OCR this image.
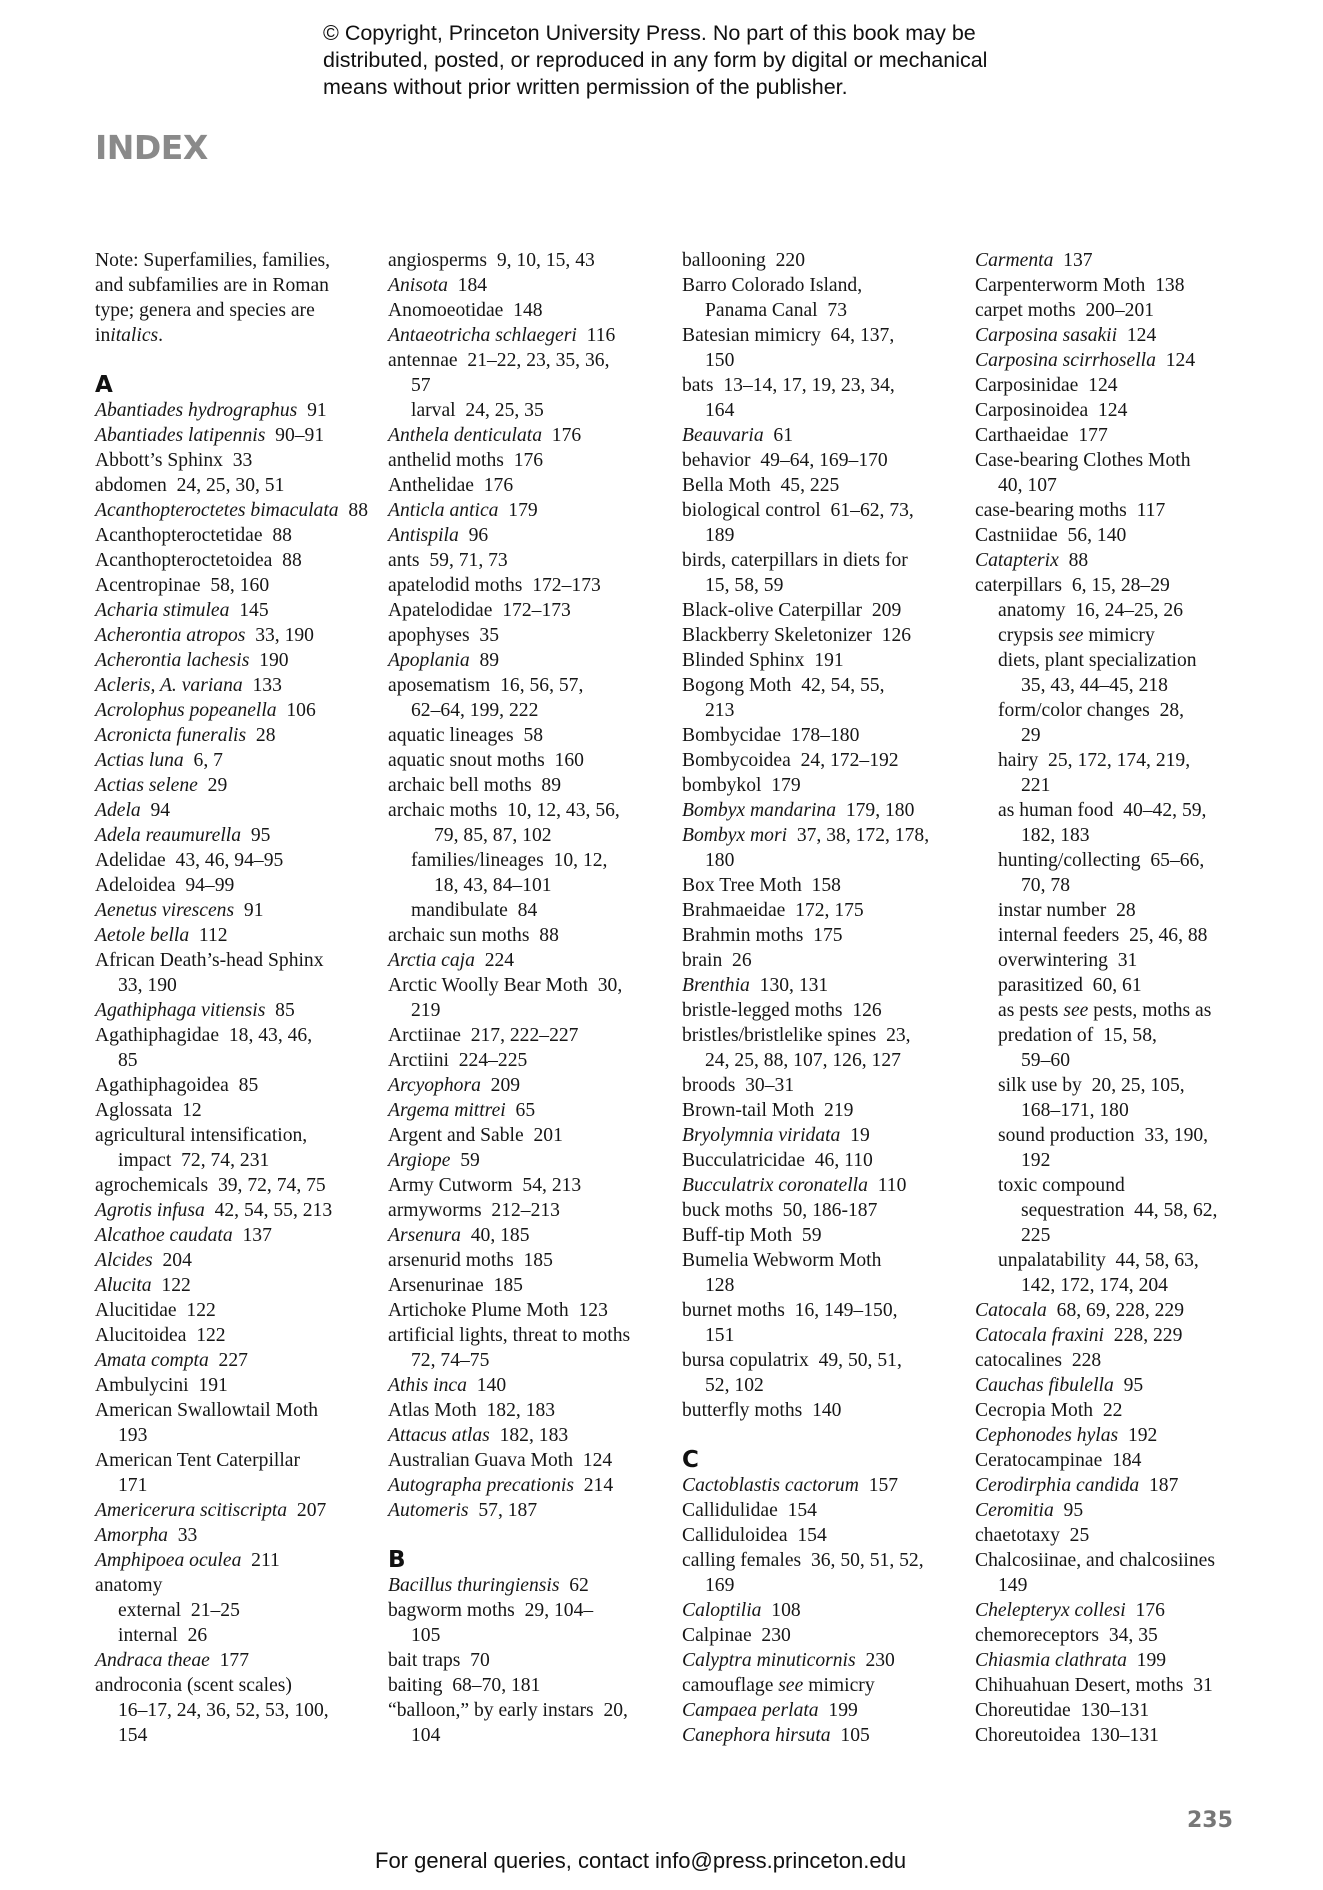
© Copyright, Princeton University Press. No part of this book may be
distributed, posted, or reproduced in any form by digital or mechanical
means without prior written permission of the publisher.
INDEX
Note: Superfamilies, families,
and subfamilies are in Roman
type; genera and species are initalics.
A
Abantiades hydrographus  91
Abantiades latipennis  90–91
Abbott’s Sphinx  33
abdomen  24, 25, 30, 51
Acanthopteroctetes bimaculata  88
Acanthopteroctetidae  88
Acanthopteroctetoidea  88
Acentropinae  58, 160
Acharia stimulea  145
Acherontia atropos  33, 190
Acherontia lachesis  190
Acleris, A. variana  133
Acrolophus popeanella  106
Acronicta funeralis  28
Actias luna  6, 7
Actias selene  29
Adela  94
Adela reaumurella  95
Adelidae  43, 46, 94–95
Adeloidea  94–99
Aenetus virescens  91
Aetole bella  112
African Death’s-head Sphinx
33, 190
Agathiphaga vitiensis  85
Agathiphagidae  18, 43, 46,
85
Agathiphagoidea  85
Aglossata  12
agricultural intensification,
impact  72, 74, 231
agrochemicals  39, 72, 74, 75
Agrotis infusa  42, 54, 55, 213
Alcathoe caudata  137
Alcides  204
Alucita  122
Alucitidae  122
Alucitoidea  122
Amata compta  227
Ambulycini  191
American Swallowtail Moth
193
American Tent Caterpillar
171
Americerura scitiscripta  207
Amorpha  33
Amphipoea oculea  211
anatomy
external  21–25
internal  26
Andraca theae  177
androconia (scent scales)
16–17, 24, 36, 52, 53, 100,
154
angiosperms  9, 10, 15, 43
Anisota  184
Anomoeotidae  148
Antaeotricha schlaegeri  116
antennae  21–22, 23, 35, 36,
57
larval  24, 25, 35
Anthela denticulata  176
anthelid moths  176
Anthelidae  176
Anticla antica  179
Antispila  96
ants  59, 71, 73
apatelodid moths  172–173
Apatelodidae  172–173
apophyses  35
Apoplania  89
aposematism  16, 56, 57,
62–64, 199, 222
aquatic lineages  58
aquatic snout moths  160
archaic bell moths  89
archaic moths  10, 12, 43, 56,
79, 85, 87, 102
families/lineages  10, 12,
18, 43, 84–101
mandibulate  84
archaic sun moths  88
Arctia caja  224
Arctic Woolly Bear Moth  30,
219
Arctiinae  217, 222–227
Arctiini  224–225
Arcyophora  209
Argema mittrei  65
Argent and Sable  201
Argiope  59
Army Cutworm  54, 213
armyworms  212–213
Arsenura  40, 185
arsenurid moths  185
Arsenurinae  185
Artichoke Plume Moth  123
artificial lights, threat to moths
72, 74–75
Athis inca  140
Atlas Moth  182, 183
Attacus atlas  182, 183
Australian Guava Moth  124
Autographa precationis  214
Automeris  57, 187
B
Bacillus thuringiensis  62
bagworm moths  29, 104–
105
bait traps  70
baiting  68–70, 181
“balloon,” by early instars  20,
104
ballooning  220
Barro Colorado Island,
Panama Canal  73
Batesian mimicry  64, 137,
150
bats  13–14, 17, 19, 23, 34,
164
Beauvaria  61
behavior  49–64, 169–170
Bella Moth  45, 225
biological control  61–62, 73,
189
birds, caterpillars in diets for
15, 58, 59
Black-olive Caterpillar  209
Blackberry Skeletonizer  126
Blinded Sphinx  191
Bogong Moth  42, 54, 55,
213
Bombycidae  178–180
Bombycoidea  24, 172–192
bombykol  179
Bombyx mandarina  179, 180
Bombyx mori  37, 38, 172, 178,
180
Box Tree Moth  158
Brahmaeidae  172, 175
Brahmin moths  175
brain  26
Brenthia  130, 131
bristle-legged moths  126
bristles/bristlelike spines  23,
24, 25, 88, 107, 126, 127
broods  30–31
Brown-tail Moth  219
Bryolymnia viridata  19
Bucculatricidae  46, 110
Bucculatrix coronatella  110
buck moths  50, 186-187
Buff-tip Moth  59
Bumelia Webworm Moth
128
burnet moths  16, 149–150,
151
bursa copulatrix  49, 50, 51,
52, 102
butterfly moths  140
C
Cactoblastis cactorum  157
Callidulidae  154
Calliduloidea  154
calling females  36, 50, 51, 52,
169
Caloptilia  108
Calpinae  230
Calyptra minuticornis  230
camouflage see mimicry
Campaea perlata  199
Canephora hirsuta  105
Carmenta  137
Carpenterworm Moth  138
carpet moths  200–201
Carposina sasakii  124
Carposina scirrhosella  124
Carposinidae  124
Carposinoidea  124
Carthaeidae  177
Case-bearing Clothes Moth
40, 107
case-bearing moths  117
Castniidae  56, 140
Catapterix  88
caterpillars  6, 15, 28–29
anatomy  16, 24–25, 26
crypsis see mimicry
diets, plant specialization
35, 43, 44–45, 218
form/color changes  28,
29
hairy  25, 172, 174, 219,
221
as human food  40–42, 59,
182, 183
hunting/collecting  65–66,
70, 78
instar number  28
internal feeders  25, 46, 88
overwintering  31
parasitized  60, 61
as pests see pests, moths as
predation of  15, 58,
59–60
silk use by  20, 25, 105,
168–171, 180
sound production  33, 190,
192
toxic compound
sequestration  44, 58, 62,
225
unpalatability  44, 58, 63,
142, 172, 174, 204
Catocala  68, 69, 228, 229
Catocala fraxini  228, 229
catocalines  228
Cauchas fibulella  95
Cecropia Moth  22
Cephonodes hylas  192
Ceratocampinae  184
Cerodirphia candida  187
Ceromitia  95
chaetotaxy  25
Chalcosiinae, and chalcosiines
149
Chelepteryx collesi  176
chemoreceptors  34, 35
Chiasmia clathrata  199
Chihuahuan Desert, moths  31
Choreutidae  130–131
Choreutoidea  130–131
235
For general queries, contact info@press.princeton.edu
